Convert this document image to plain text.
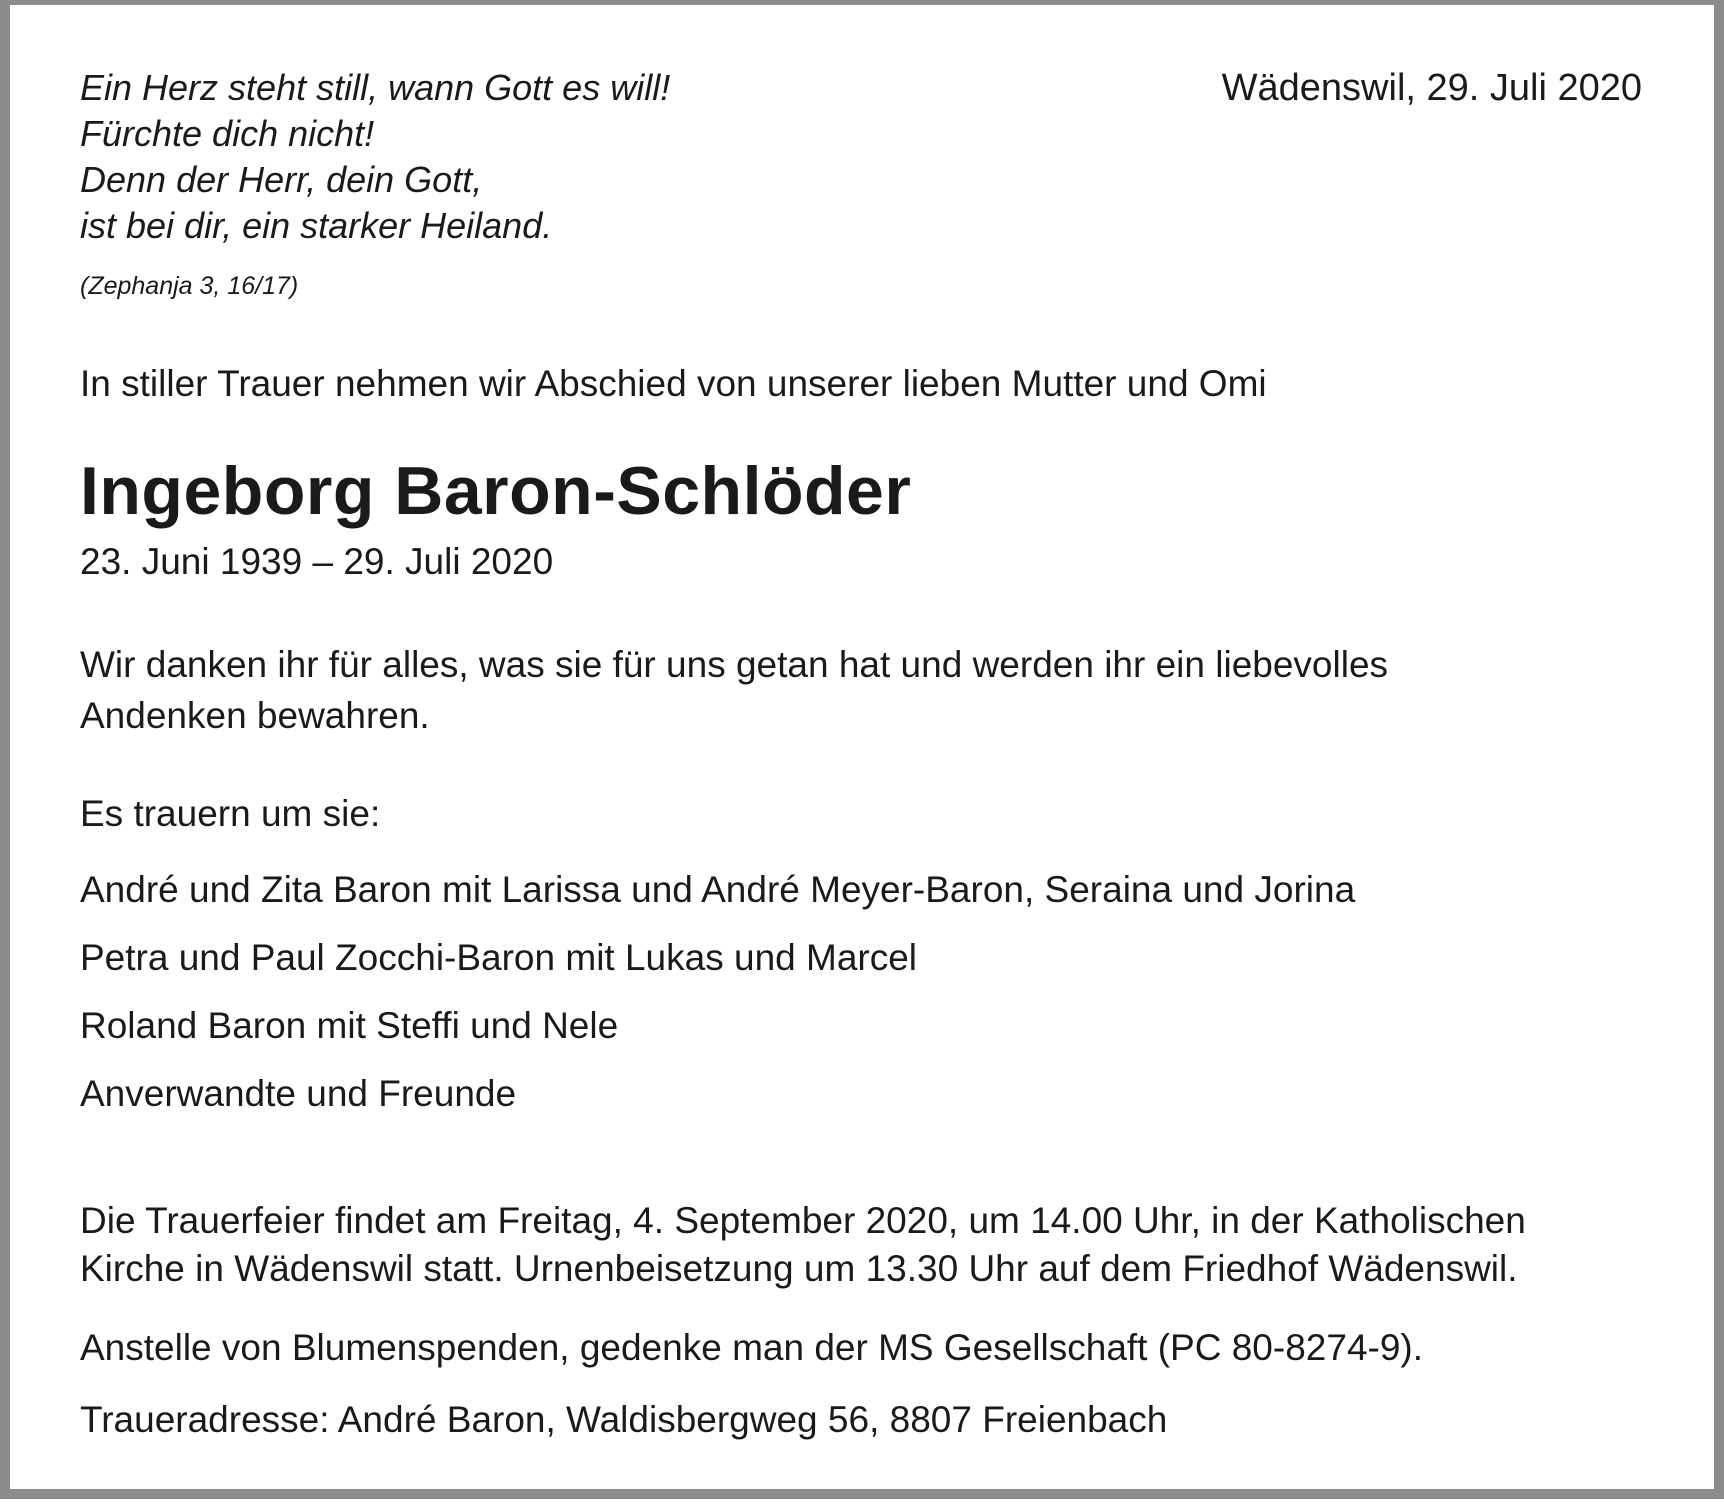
Ein Herz steht still, wann Gott es will!
Fürchte dich nicht!
Denn der Herr, dein Gott,
ist bei dir, ein starker Heiland.
(Zephanja 3, 16/17)
Wädenswil, 29. Juli 2020
In stiller Trauer nehmen wir Abschied von unserer lieben Mutter und Omi
Ingeborg Baron-Schlöder
23. Juni 1939 – 29. Juli 2020
Wir danken ihr für alles, was sie für uns getan hat und werden ihr ein liebevolles
Andenken bewahren.
Es trauern um sie:
André und Zita Baron mit Larissa und André Meyer-Baron, Seraina und Jorina
Petra und Paul Zocchi-Baron mit Lukas und Marcel
Roland Baron mit Steffi und Nele
Anverwandte und Freunde
Die Trauerfeier findet am Freitag, 4. September 2020, um 14.00 Uhr, in der Katholischen
Kirche in Wädenswil statt. Urnenbeisetzung um 13.30 Uhr auf dem Friedhof Wädenswil.
Anstelle von Blumenspenden, gedenke man der MS Gesellschaft (PC 80-8274-9).
Traueradresse: André Baron, Waldisbergweg 56, 8807 Freienbach
